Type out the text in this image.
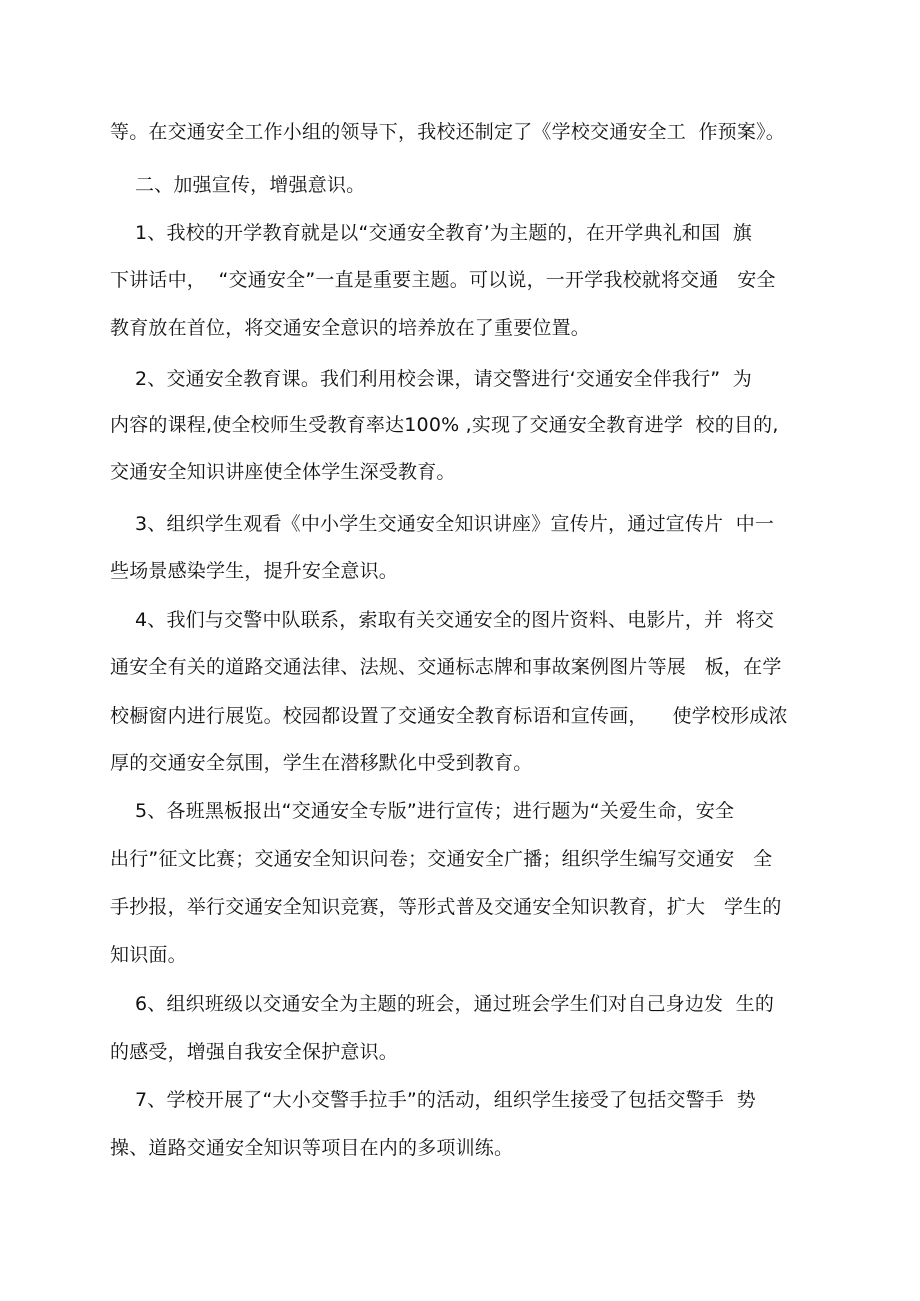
等。在交通安全工作小组的领导下，我校还制定了《学校交通安全工  作预案》。
二、加强宣传，增强意识。
1、我校的开学教育就是以“交通安全教育’为主题的，在开学典礼和国  旗
下讲话中，  “交通安全”一直是重要主题。可以说，一开学我校就将交通   安全
教育放在首位，将交通安全意识的培养放在了重要位置。
2、交通安全教育课。我们利用校会课，请交警进行‘交通安全伴我行”  为
内容的课程,使全校师生受教育率达100% ,实现了交通安全教育进学  校的目的,
交通安全知识讲座使全体学生深受教育。
3、组织学生观看《中小学生交通安全知识讲座》宣传片，通过宣传片  中一
些场景感染学生，提升安全意识。
4、我们与交警中队联系，索取有关交通安全的图片资料、电影片，并  将交
通安全有关的道路交通法律、法规、交通标志牌和事故案例图片等展   板，在学
校橱窗内进行展览。校园都设置了交通安全教育标语和宣传画，    使学校形成浓
厚的交通安全氛围，学生在潜移默化中受到教育。
5、各班黑板报出“交通安全专版”进行宣传；进行题为“关爱生命，安全
出行”征文比赛；交通安全知识问卷；交通安全广播；组织学生编写交通安   全
手抄报，举行交通安全知识竞赛，等形式普及交通安全知识教育，扩大   学生的
知识面。
6、组织班级以交通安全为主题的班会，通过班会学生们对自己身边发  生的
的感受，增强自我安全保护意识。
7、学校开展了“大小交警手拉手”的活动，组织学生接受了包括交警手  势
操、道路交通安全知识等项目在内的多项训练。
